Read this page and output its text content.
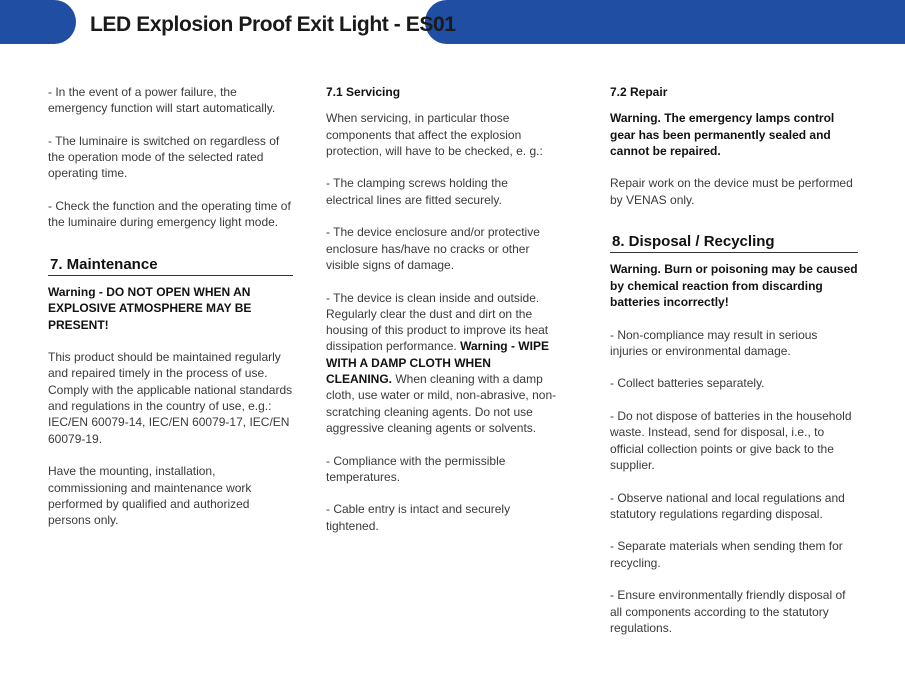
LED Explosion Proof Exit Light - ES01

- In the event of a power failure, the emergency function will start automatically.

- The luminaire is switched on regardless of the operation mode of the selected rated operating time.

- Check the function and the operating time of the luminaire during emergency light mode.

7. Maintenance

Warning - DO NOT OPEN WHEN AN EXPLOSIVE ATMOSPHERE MAY BE PRESENT!

This product should be maintained regularly and repaired timely in the process of use. Comply with the applicable national standards and regulations in the country of use, e.g.: IEC/EN 60079-14, IEC/EN 60079-17, IEC/EN 60079-19.

Have the mounting, installation, commissioning and maintenance work performed by qualified and authorized persons only.

7.1 Servicing

When servicing, in particular those components that affect the explosion protection, will have to be checked, e. g.:

- The clamping screws holding the electrical lines are fitted securely.

- The device enclosure and/or protective enclosure has/have no cracks or other visible signs of damage.

- The device is clean inside and outside. Regularly clear the dust and dirt on the housing of this product to improve its heat dissipation performance. Warning - WIPE WITH A DAMP CLOTH WHEN CLEANING. When cleaning with a damp cloth, use water or mild, non-abrasive, non-scratching cleaning agents. Do not use aggressive cleaning agents or solvents.

- Compliance with the permissible temperatures.

- Cable entry is intact and securely tightened.

7.2 Repair

Warning. The emergency lamps control gear has been permanently sealed and cannot be repaired.

Repair work on the device must be performed by VENAS only.

8. Disposal / Recycling

Warning. Burn or poisoning may be caused by chemical reaction from discarding batteries incorrectly!

- Non-compliance may result in serious injuries or environmental damage.

- Collect batteries separately.

- Do not dispose of batteries in the household waste. Instead, send for disposal, i.e., to official collection points or give back to the supplier.

- Observe national and local regulations and statutory regulations regarding disposal.

- Separate materials when sending them for recycling.

- Ensure environmentally friendly disposal of all components according to the statutory regulations.
